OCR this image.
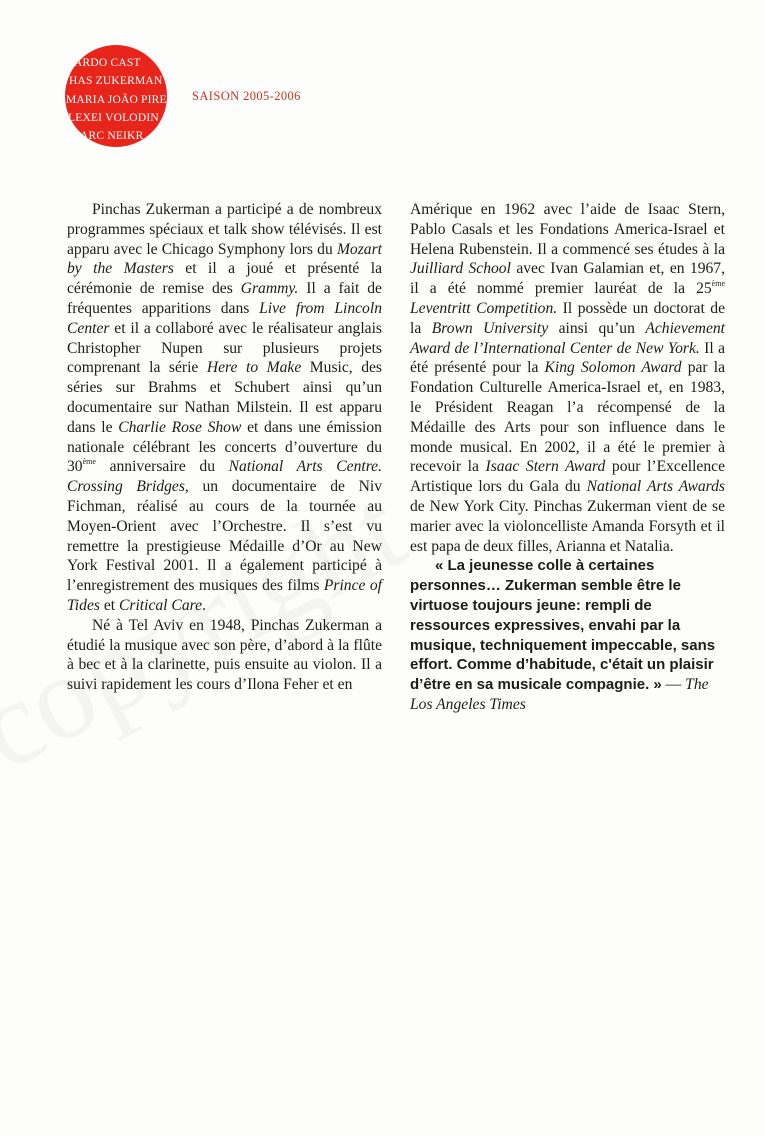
ARDO CAST
HAS ZUKERMAN
MARIA JOÃO PIRE
LEXEI VOLODIN
ARC NEIKR
SAISON 2005-2006

Pinchas Zukerman a participé a de nombreux programmes spéciaux et talk show télévisés. Il est apparu avec le Chicago Symphony lors du Mozart by the Masters et il a joué et présenté la cérémonie de remise des Grammy. Il a fait de fréquentes apparitions dans Live from Lincoln Center et il a collaboré avec le réalisateur anglais Christopher Nupen sur plusieurs projets comprenant la série Here to Make Music, des séries sur Brahms et Schubert ainsi qu’un documentaire sur Nathan Milstein. Il est apparu dans le Charlie Rose Show et dans une émission nationale célébrant les concerts d’ouverture du 30ème anniversaire du National Arts Centre. Crossing Bridges, un documentaire de Niv Fichman, réalisé au cours de la tournée au Moyen-Orient avec l’Orchestre. Il s’est vu remettre la prestigieuse Médaille d’Or au New York Festival 2001. Il a également participé à l’enregistrement des musiques des films Prince of Tides et Critical Care.

Né à Tel Aviv en 1948, Pinchas Zukerman a étudié la musique avec son père, d’abord à la flûte à bec et à la clarinette, puis ensuite au violon. Il a suivi rapidement les cours d’Ilona Feher et en

Amérique en 1962 avec l’aide de Isaac Stern, Pablo Casals et les Fondations America-Israel et Helena Rubenstein. Il a commencé ses études à la Juilliard School avec Ivan Galamian et, en 1967, il a été nommé premier lauréat de la 25ème Leventritt Competition. Il possède un doctorat de la Brown University ainsi qu’un Achievement Award de l’International Center de New York. Il a été présenté pour la King Solomon Award par la Fondation Culturelle America-Israel et, en 1983, le Président Reagan l’a récompensé de la Médaille des Arts pour son influence dans le monde musical. En 2002, il a été le premier à recevoir la Isaac Stern Award pour l’Excellence Artistique lors du Gala du National Arts Awards de New York City. Pinchas Zukerman vient de se marier avec la violoncelliste Amanda Forsyth et il est papa de deux filles, Arianna et Natalia.

« La jeunesse colle à certaines personnes… Zukerman semble être le virtuose toujours jeune: rempli de ressources expressives, envahi par la musique, techniquement impeccable, sans effort. Comme d’habitude, c'était un plaisir d’être en sa musicale compagnie. » — The Los Angeles Times
